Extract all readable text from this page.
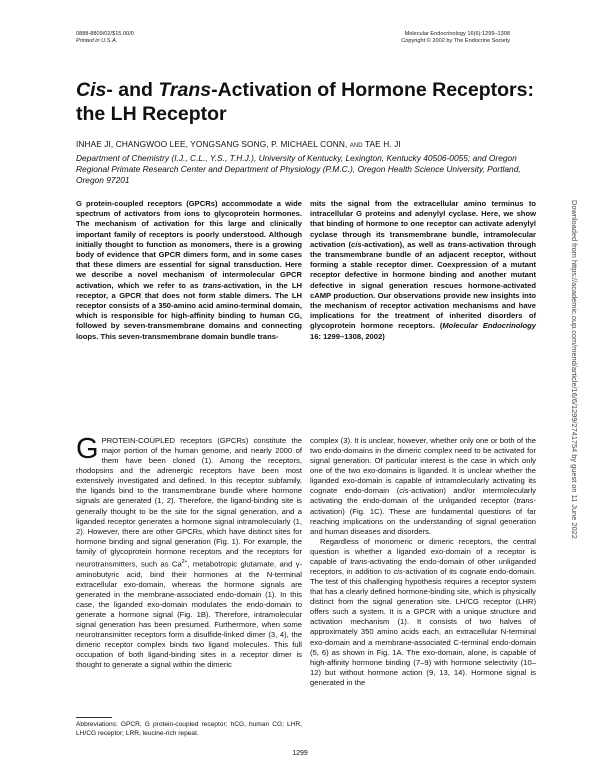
0888-8809/02/$15.00/0
Printed in U.S.A.
Molecular Endocrinology 16(6):1299–1308
Copyright © 2002 by The Endocrine Society
Cis- and Trans-Activation of Hormone Receptors:
the LH Receptor
INHAE JI, CHANGWOO LEE, YONGSANG SONG, P. MICHAEL CONN, AND TAE H. JI
Department of Chemistry (I.J., C.L., Y.S., T.H.J.), University of Kentucky, Lexington, Kentucky 40506-0055; and Oregon Regional Primate Research Center and Department of Physiology (P.M.C.), Oregon Health Science University, Portland, Oregon 97201
G protein-coupled receptors (GPCRs) accommodate a wide spectrum of activators from ions to glycoprotein hormones. The mechanism of activation for this large and clinically important family of receptors is poorly understood. Although initially thought to function as monomers, there is a growing body of evidence that GPCR dimers form, and in some cases that these dimers are essential for signal transduction. Here we describe a novel mechanism of intermolecular GPCR activation, which we refer to as trans-activation, in the LH receptor, a GPCR that does not form stable dimers. The LH receptor consists of a 350-amino acid amino-terminal domain, which is responsible for high-affinity binding to human CG, followed by seven-transmembrane domains and connecting loops. This seven-transmembrane domain bundle trans-
mits the signal from the extracellular amino terminus to intracellular G proteins and adenylyl cyclase. Here, we show that binding of hormone to one receptor can activate adenylyl cyclase through its transmembrane bundle, intramolecular activation (cis-activation), as well as trans-activation through the transmembrane bundle of an adjacent receptor, without forming a stable receptor dimer. Coexpression of a mutant receptor defective in hormone binding and another mutant defective in signal generation rescues hormone-activated cAMP production. Our observations provide new insights into the mechanism of receptor activation mechanisms and have implications for the treatment of inherited disorders of glycoprotein hormone receptors. (Molecular Endocrinology 16: 1299–1308, 2002)

GPROTEIN-COUPLED receptors (GPCRs) constitute the major portion of the human genome, and nearly 2000 of them have been cloned (1). Among the receptors, rhodopsins and the adrenergic receptors have been most extensively investigated and defined. In this receptor subfamily, the ligands bind to the transmembrane bundle where hormone signals are generated (1, 2). Therefore, the ligand-binding site is generally thought to be the site for the signal generation, and a liganded receptor generates a hormone signal intramolecularly (1, 2). However, there are other GPCRs, which have distinct sites for hormone binding and signal generation (Fig. 1). For example, the family of glycoprotein hormone receptors and the receptors for neurotransmitters, such as $Ca^{2+}$, metabotropic glutamate, and γ-aminobutyric acid, bind their hormones at the N-terminal extracellular exo-domain, whereas the hormone signals are generated in the membrane-associated endo-domain (1). In this case, the liganded exo-domain modulates the endo-domain to generate a hormone signal (Fig. 1B). Therefore, intramolecular signal generation has been presumed. Furthermore, when some neurotransmitter receptors form a disulfide-linked dimer (3, 4), the dimeric receptor complex binds two ligand molecules. This full occupation of both ligand-binding sites in a receptor dimer is thought to generate a signal within the dimeric

complex (3). It is unclear, however, whether only one or both of the two endo-domains in the dimeric complex need to be activated for signal generation. Of particular interest is the case in which only one of the two exo-domains is liganded. It is unclear whether the liganded exo-domain is capable of intramolecularly activating its cognate endo-domain (cis-activation) and/or intermolecularly activating the endo-domain of the unliganded receptor (trans-activation) (Fig. 1C). These are fundamental questions of far reaching implications on the understanding of signal generation and human diseases and disorders.

Regardless of monomeric or dimeric receptors, the central question is whether a liganded exo-domain of a receptor is capable of trans-activating the endo-domain of other unliganded receptors, in addition to cis-activation of its cognate endo-domain. The test of this challenging hypothesis requires a receptor system that has a clearly defined hormone-binding site, which is physically distinct from the signal generation site. LH/CG receptor (LHR) offers such a system. It is a GPCR with a unique structure and activation mechanism (1). It consists of two halves of approximately 350 amino acids each, an extracellular N-terminal exo-domain and a membrane-associated C-terminal endo-domain (5, 6) as shown in Fig. 1A. The exo-domain, alone, is capable of high-affinity hormone binding (7–9) with hormone selectivity (10–12) but without hormone action (9, 13, 14). Hormone signal is generated in the

Abbreviations: GPCR, G protein-coupled receptor; hCG, human CG; LHR, LH/CG receptor; LRR, leucine-rich repeat.
1299
Downloaded from https://academic.oup.com/mend/article/16/6/1299/2741754 by guest on 11 June 2022
